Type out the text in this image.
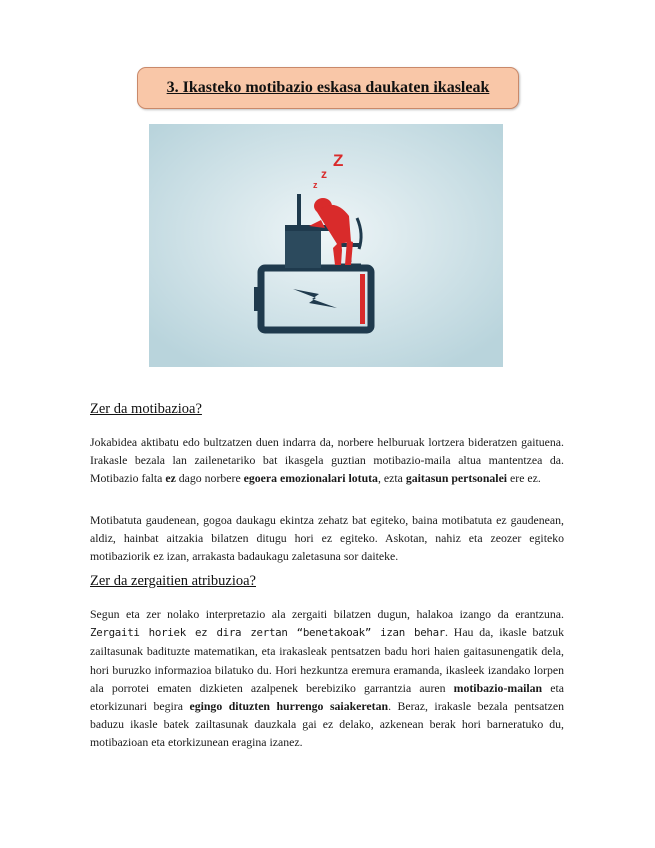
3. Ikasteko motibazio eskasa daukaten ikasleak
z
z
Z
Zer da motibazioa?

Jokabidea aktibatu edo bultzatzen duen indarra da, norbere helburuak lortzera bideratzen gaituena. Irakasle bezala lan zailenetariko bat ikasgela guztian motibazio-maila altua mantentzea da. Motibazio falta ez dago norbere egoera emozionalari lotuta, ezta gaitasun pertsonalei ere ez.

Motibatuta gaudenean, gogoa daukagu ekintza zehatz bat egiteko, baina motibatuta ez gaudenean, aldiz, hainbat aitzakia bilatzen ditugu hori ez egiteko. Askotan, nahiz eta zeozer egiteko motibaziorik ez izan, arrakasta badaukagu zaletasuna sor daiteke.

Zer da zergaitien atribuzioa?

Segun eta zer nolako interpretazio ala zergaiti bilatzen dugun, halakoa izango da erantzuna. Zergaiti horiek ez dira zertan “benetakoak” izan behar. Hau da, ikasle batzuk zailtasunak badituzte matematikan, eta irakasleak pentsatzen badu hori haien gaitasunengatik dela, hori buruzko informazioa bilatuko du. Hori hezkuntza eremura eramanda, ikasleek izandako lorpen ala porrotei ematen dizkieten azalpenek berebiziko garrantzia auren motibazio-mailan eta etorkizunari begira egingo dituzten hurrengo saiakeretan. Beraz, irakasle bezala pentsatzen baduzu ikasle batek zailtasunak dauzkala gai ez delako, azkenean berak hori barneratuko du, motibazioan eta etorkizunean eragina izanez.
